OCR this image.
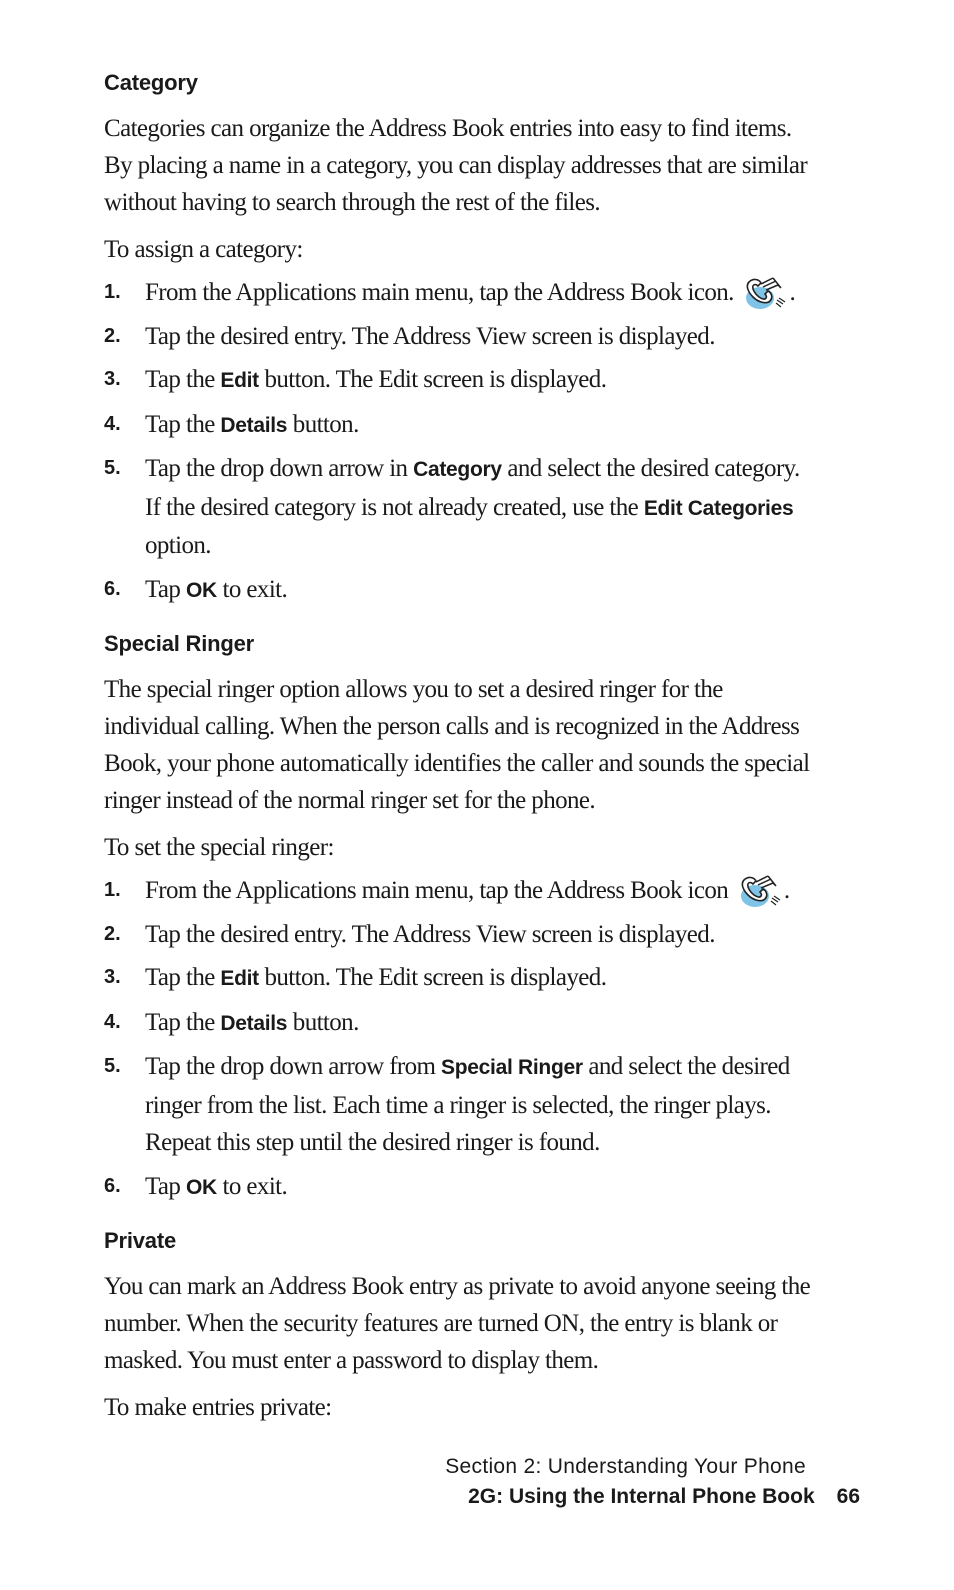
Category

Categories can organize the Address Book entries into easy to find items. By placing a name in a category, you can display addresses that are similar without having to search through the rest of the files.

To assign a category:

1. From the Applications main menu, tap the Address Book icon. .
2. Tap the desired entry. The Address View screen is displayed.
3. Tap the Edit button. The Edit screen is displayed.
4. Tap the Details button.
5. Tap the drop down arrow in Category and select the desired category. If the desired category is not already created, use the Edit Categories option.
6. Tap OK to exit.
Special Ringer

The special ringer option allows you to set a desired ringer for the individual calling. When the person calls and is recognized in the Address Book, your phone automatically identifies the caller and sounds the special ringer instead of the normal ringer set for the phone.

To set the special ringer:

1. From the Applications main menu, tap the Address Book icon .
2. Tap the desired entry. The Address View screen is displayed.
3. Tap the Edit button. The Edit screen is displayed.
4. Tap the Details button.
5. Tap the drop down arrow from Special Ringer and select the desired ringer from the list. Each time a ringer is selected, the ringer plays. Repeat this step until the desired ringer is found.
6. Tap OK to exit.
Private

You can mark an Address Book entry as private to avoid anyone seeing the number. When the security features are turned ON, the entry is blank or masked. You must enter a password to display them.

To make entries private:

Section 2: Understanding Your Phone
2G: Using the Internal Phone Book 66
